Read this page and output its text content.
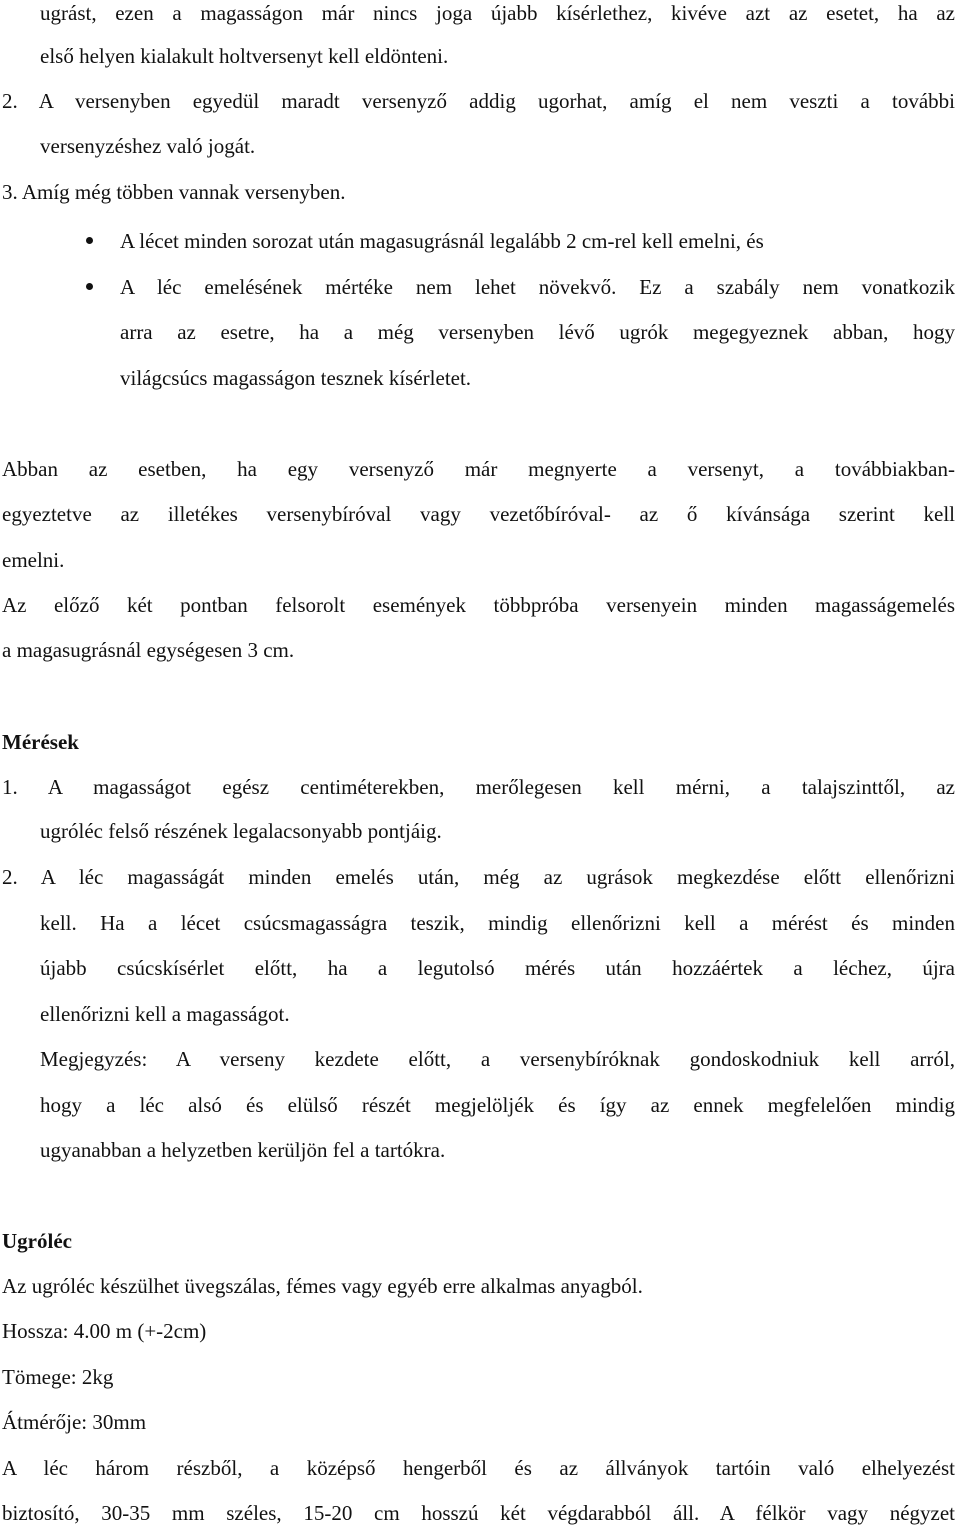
ugrást, ezen a magasságon már nincs joga újabb kísérlethez, kivéve azt az esetet, ha az
első helyen kialakult holtversenyt kell eldönteni.
2. A versenyben egyedül maradt versenyző addig ugorhat, amíg el nem veszti a további
versenyzéshez való jogát.
3. Amíg még többen vannak versenyben.
A lécet minden sorozat után magasugrásnál legalább 2 cm-rel kell emelni, és
A léc emelésének mértéke nem lehet növekvő. Ez a szabály nem vonatkozik
arra az esetre, ha a még versenyben lévő ugrók megegyeznek abban, hogy
világcsúcs magasságon tesznek kísérletet.
Abban az esetben, ha egy versenyző már megnyerte a versenyt, a továbbiakban-
egyeztetve az illetékes versenybíróval vagy vezetőbíróval- az ő kívánsága szerint kell
emelni.
Az előző két pontban felsorolt események többpróba versenyein minden magasságemelés
a magasugrásnál egységesen 3 cm.
Mérések
1. A magasságot egész centiméterekben, merőlegesen kell mérni, a talajszinttől, az
ugróléc felső részének legalacsonyabb pontjáig.
2. A léc magasságát minden emelés után, még az ugrások megkezdése előtt ellenőrizni
kell. Ha a lécet csúcsmagasságra teszik, mindig ellenőrizni kell a mérést és minden
újabb csúcskísérlet előtt, ha a legutolsó mérés után hozzáértek a léchez, újra
ellenőrizni kell a magasságot.
Megjegyzés: A verseny kezdete előtt, a versenybíróknak gondoskodniuk kell arról,
hogy a léc alsó és elülső részét megjelöljék és így az ennek megfelelően mindig
ugyanabban a helyzetben kerüljön fel a tartókra.
Ugróléc
Az ugróléc készülhet üvegszálas, fémes vagy egyéb erre alkalmas anyagból.
Hossza: 4.00 m (+-2cm)
Tömege: 2kg
Átmérője: 30mm
A léc három részből, a középső hengerből és az állványok tartóin való elhelyezést
biztosító, 30-35 mm széles, 15-20 cm hosszú két végdarabból áll. A félkör vagy négyzet
